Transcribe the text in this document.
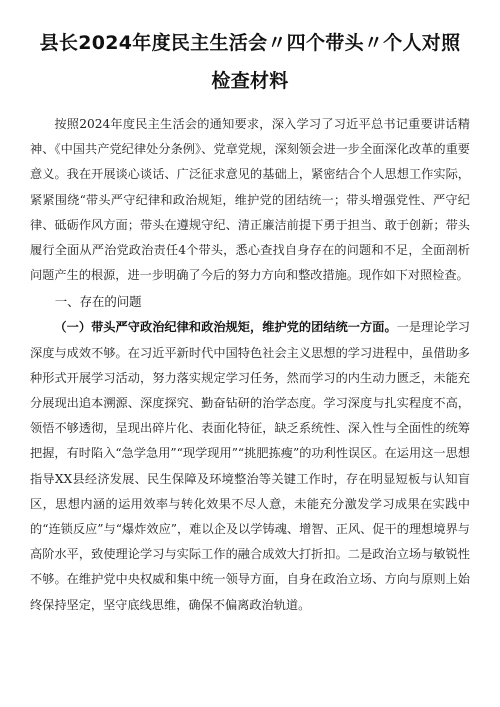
县长2024年度民主生活会〃四个带头〃个人对照检查材料

按照2024年度民主生活会的通知要求，深入学习了习近平总书记重要讲话精神、《中国共产党纪律处分条例》、党章党规，深刻领会进一步全面深化改革的重要意义。我在开展谈心谈话、广泛征求意见的基础上，紧密结合个人思想工作实际，紧紧围绕“带头严守纪律和政治规矩，维护党的团结统一；带头增强党性、严守纪律、砥砺作风方面；带头在遵规守纪、清正廉洁前提下勇于担当、敢于创新；带头履行全面从严治党政治责任4个带头，悉心查找自身存在的问题和不足，全面剖析问题产生的根源，进一步明确了今后的努力方向和整改措施。现作如下对照检查。

一、存在的问题

（一）带头严守政治纪律和政治规矩，维护党的团结统一方面。一是理论学习深度与成效不够。在习近平新时代中国特色社会主义思想的学习进程中，虽借助多种形式开展学习活动，努力落实规定学习任务，然而学习的内生动力匮乏，未能充分展现出追本溯源、深度探究、勤奋钻研的治学态度。学习深度与扎实程度不高，领悟不够透彻，呈现出碎片化、表面化特征，缺乏系统性、深入性与全面性的统筹把握，有时陷入“急学急用”“现学现用”“挑肥拣瘦”的功利性误区。在运用这一思想指导XX县经济发展、民生保障及环境整治等关键工作时，存在明显短板与认知盲区，思想内涵的运用效率与转化效果不尽人意，未能充分激发学习成果在实践中的“连锁反应”与“爆炸效应”，难以企及以学铸魂、增智、正风、促干的理想境界与高阶水平，致使理论学习与实际工作的融合成效大打折扣。二是政治立场与敏锐性不够。在维护党中央权威和集中统一领导方面，自身在政治立场、方向与原则上始终保持坚定，坚守底线思维，确保不偏离政治轨道。
